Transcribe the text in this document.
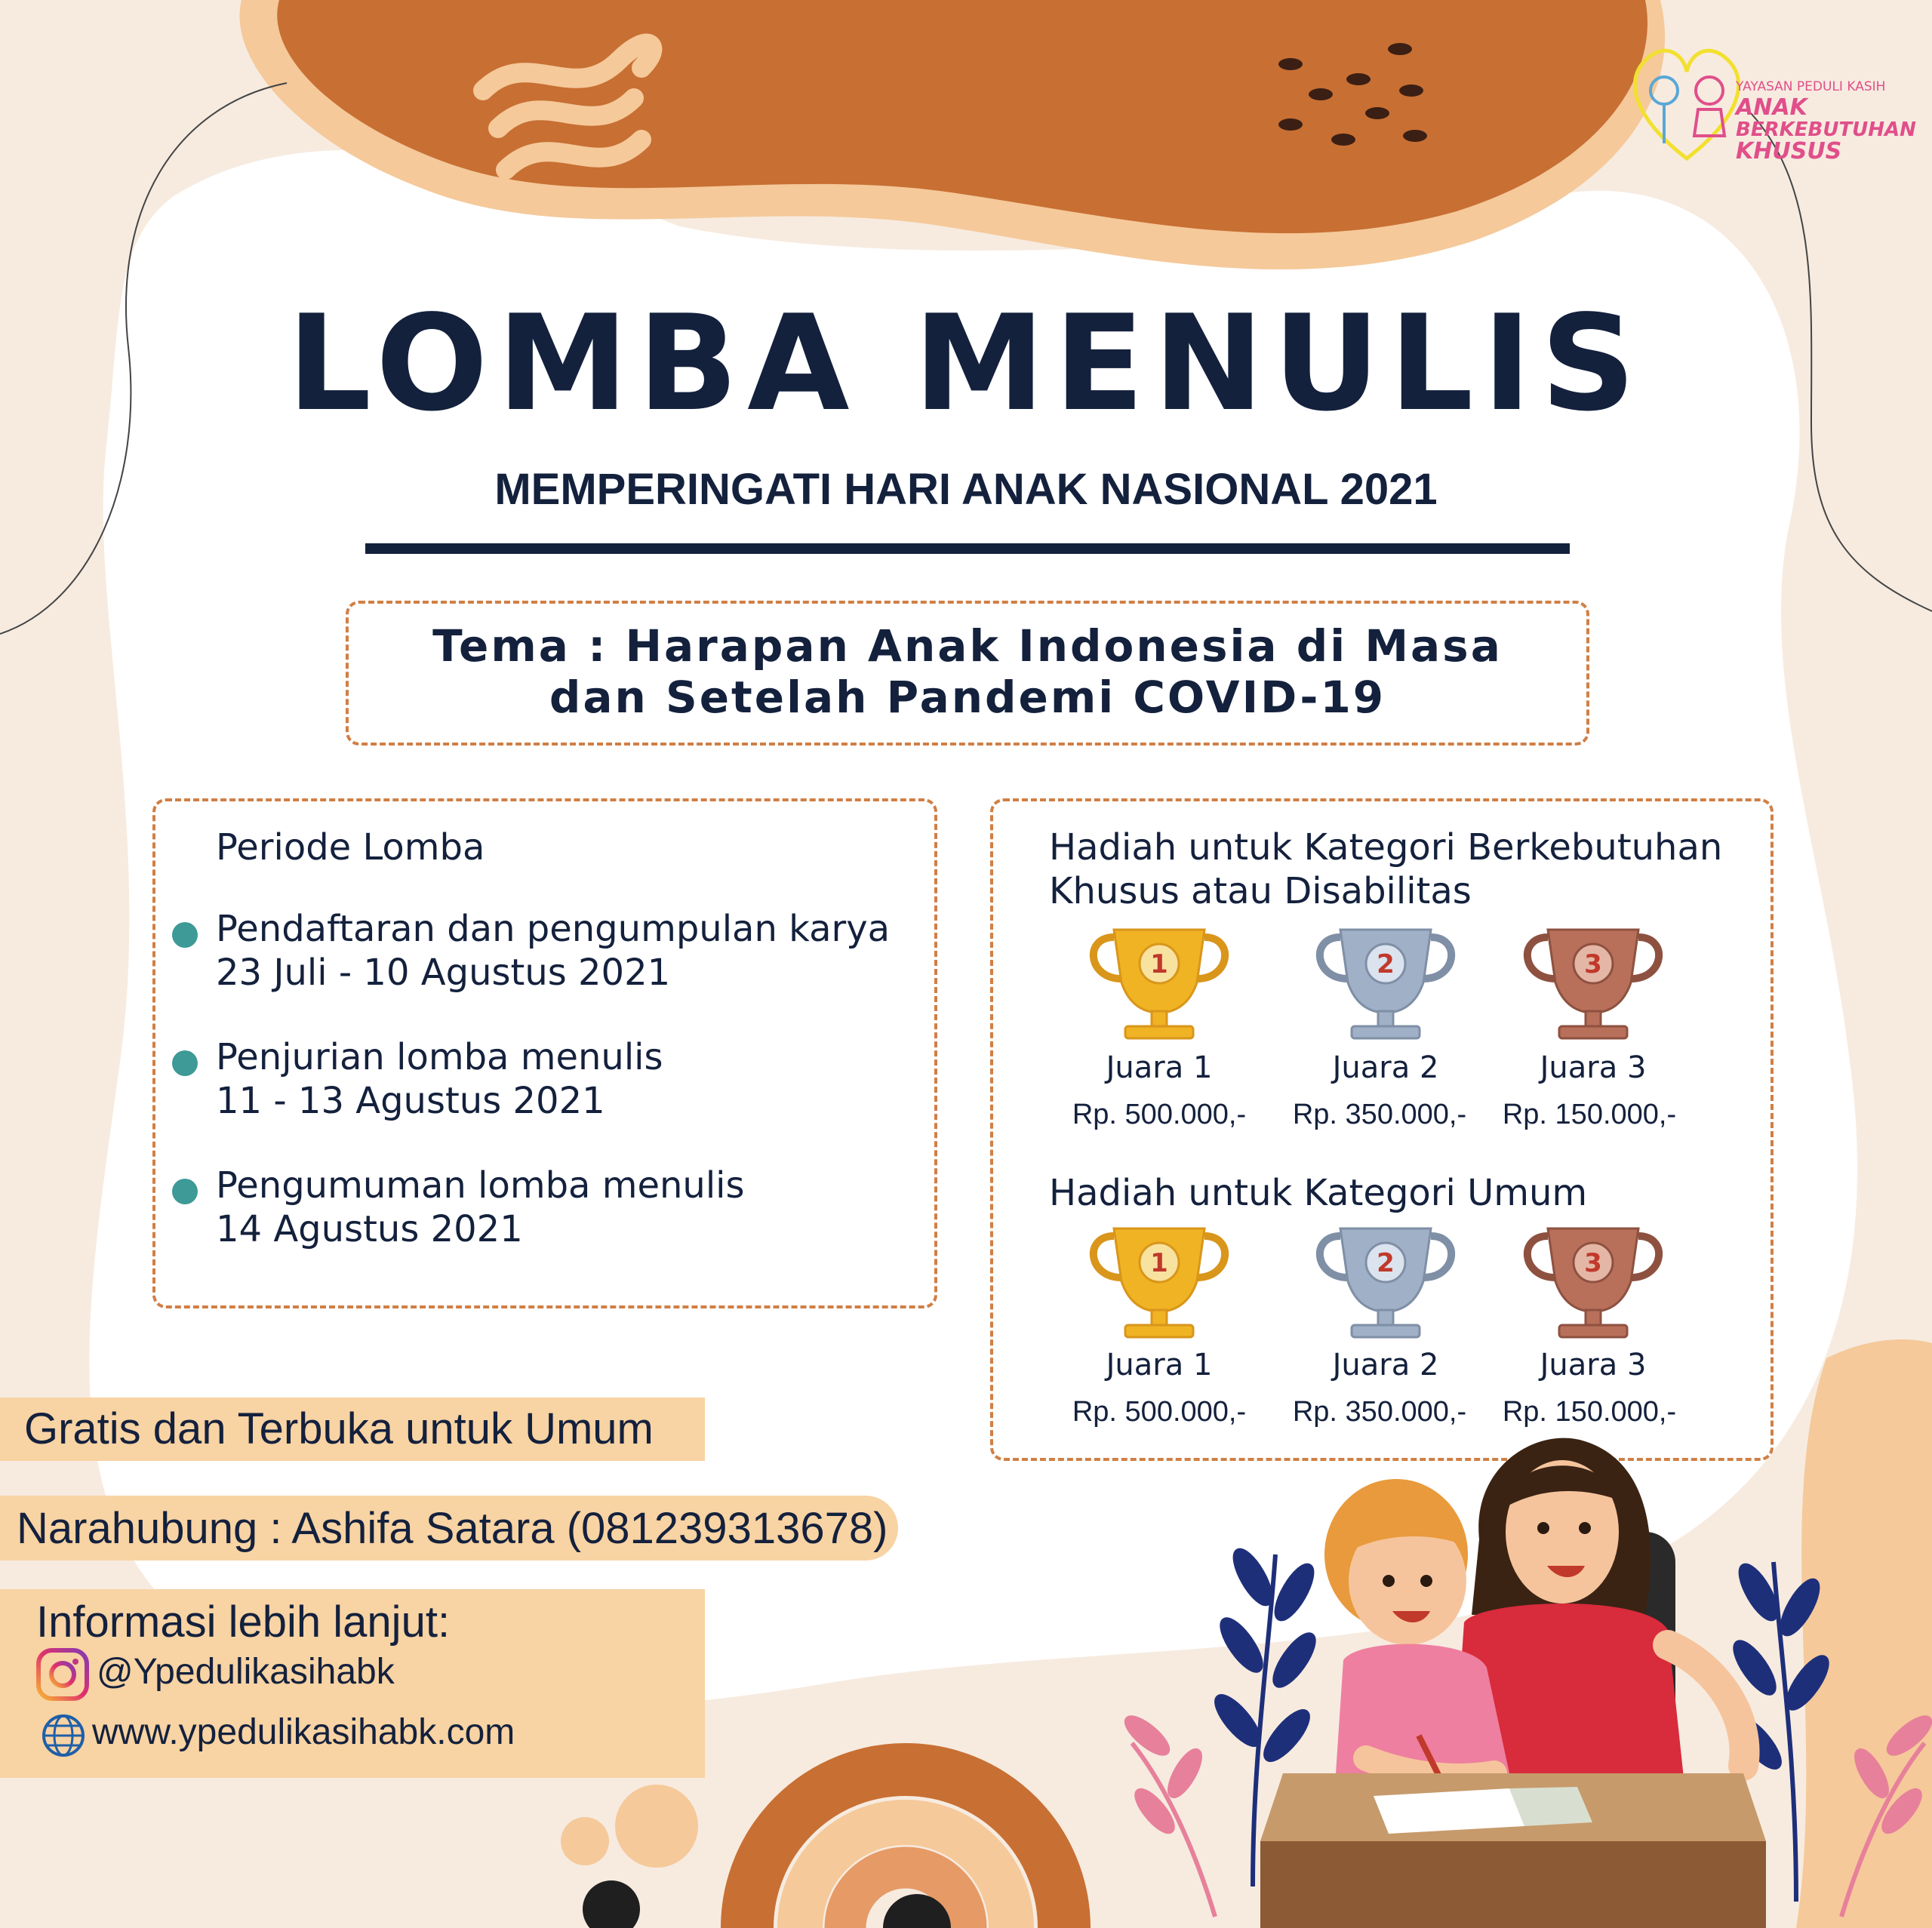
YAYASAN PEDULI KASIH
ANAK
BERKEBUTUHAN
KHUSUS
LOMBA MENULIS
MEMPERINGATI HARI ANAK NASIONAL 2021
Tema : Harapan Anak Indonesia di Masa
dan Setelah Pandemi COVID-19
Periode Lomba
Pendaftaran dan pengumpulan karya
23 Juli - 10 Agustus 2021
Penjurian lomba menulis
11 - 13 Agustus 2021
Pengumuman lomba menulis
14 Agustus 2021
Hadiah untuk Kategori Berkebutuhan
Khusus atau Disabilitas
1	2	3
Juara 1	Juara 2	Juara 3
Rp. 500.000,-	Rp. 350.000,-	Rp. 150.000,-
Hadiah untuk Kategori Umum
1	2	3
Juara 1	Juara 2	Juara 3
Rp. 500.000,-	Rp. 350.000,-	Rp. 150.000,-
Gratis dan Terbuka untuk Umum
Narahubung : Ashifa Satara (081239313678)
Informasi lebih lanjut:
@Ypedulikasihabk
www.ypedulikasihabk.com
